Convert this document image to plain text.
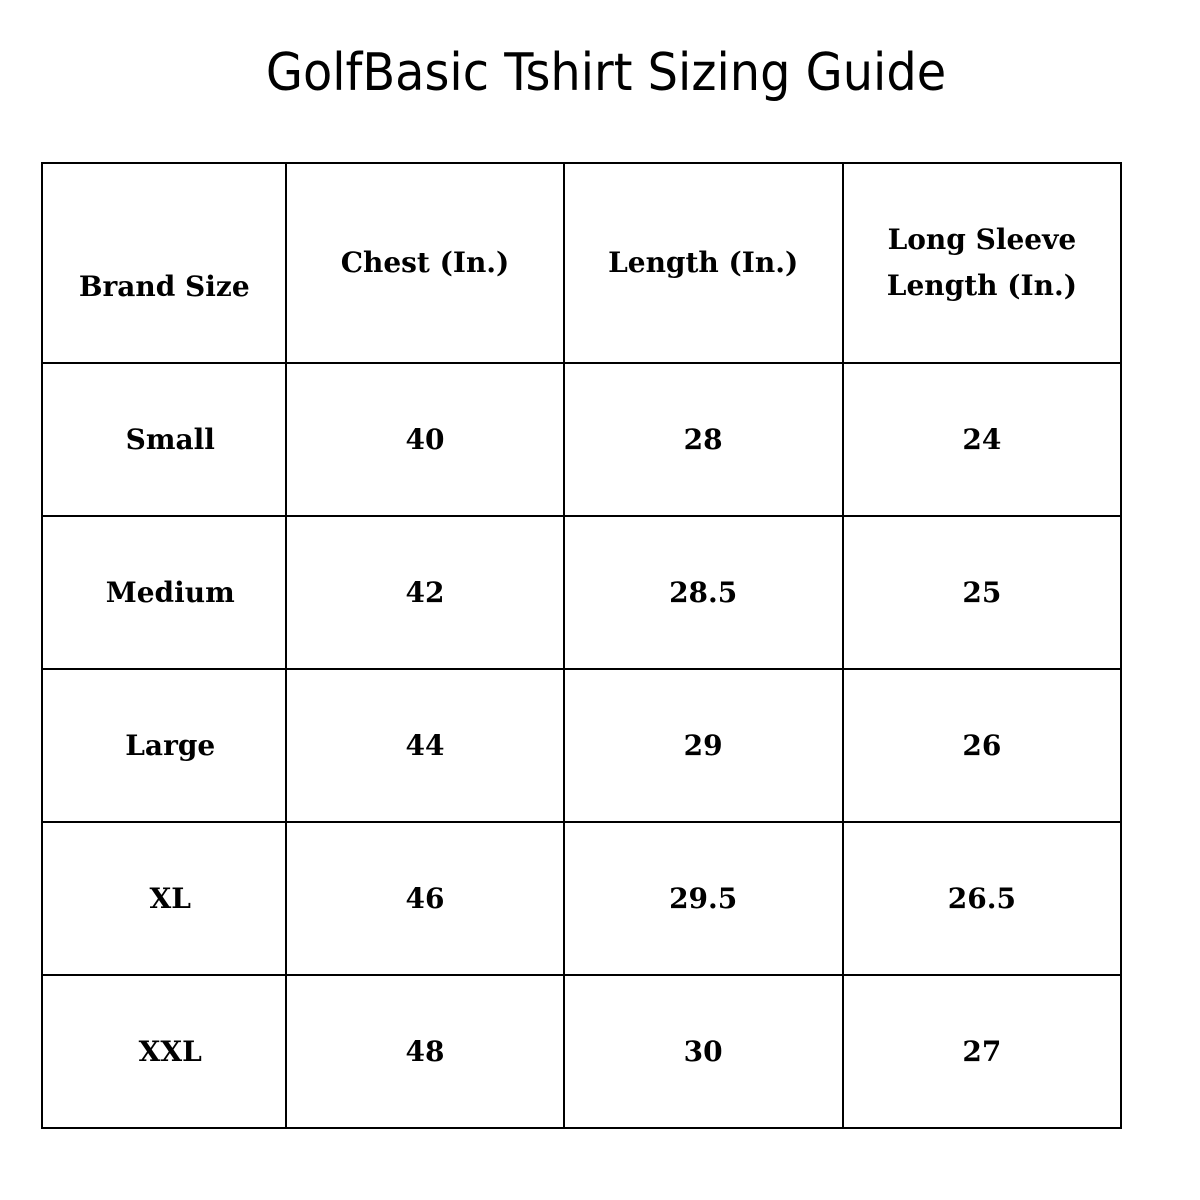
GolfBasic Tshirt Sizing Guide
Brand Size	Chest (In.)	Length (In.)	Long Sleeve
Length (In.)

Small	40	28	24
Medium	42	28.5	25
Large	44	29	26
XL	46	29.5	26.5
XXL	48	30	27
